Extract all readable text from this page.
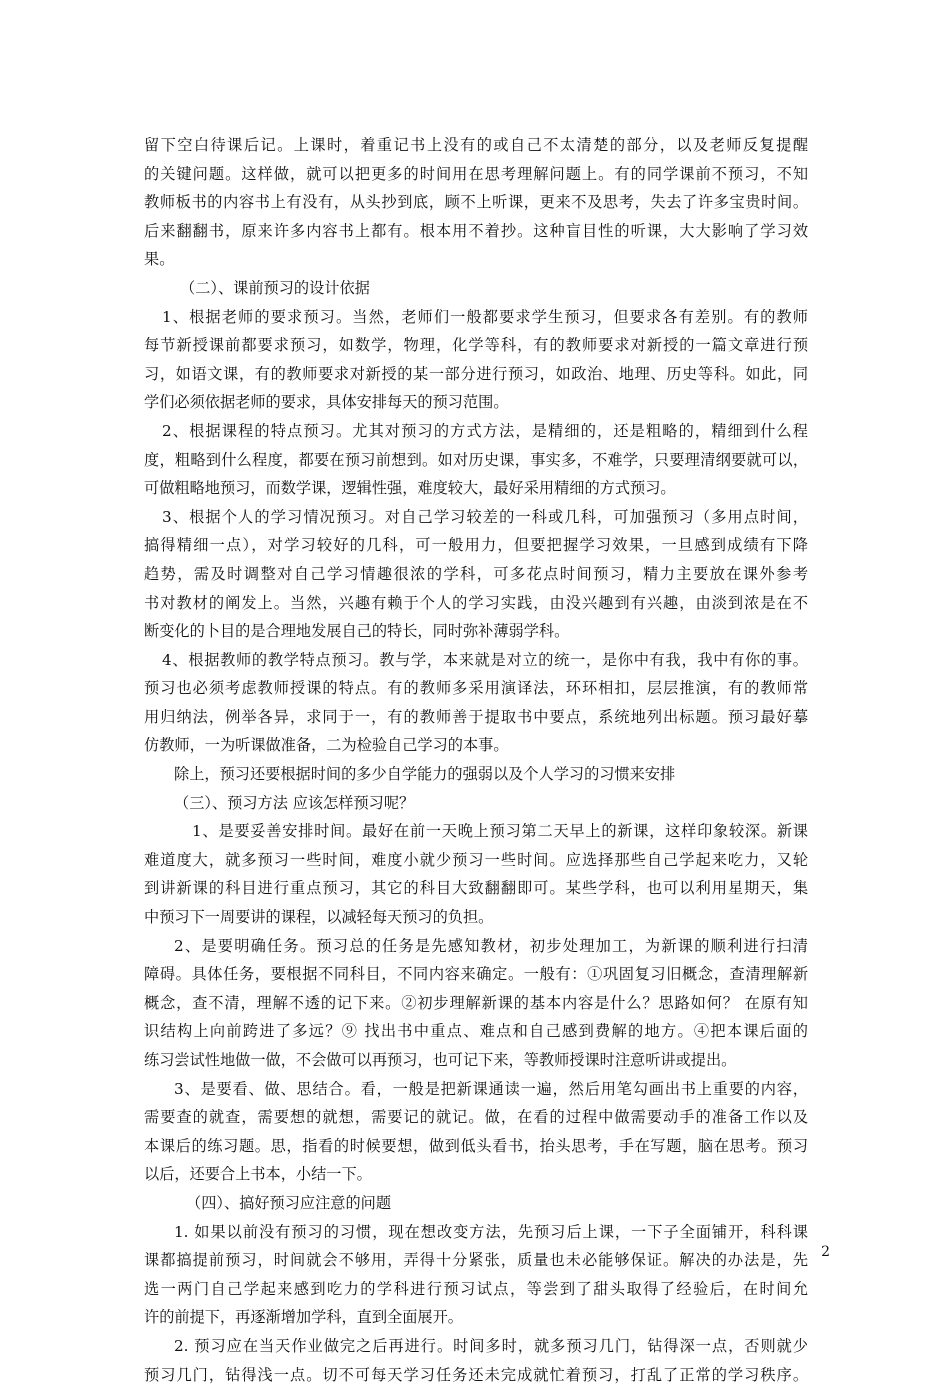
留下空白待课后记。上课时，着重记书上没有的或自己不太清楚的部分，以及老师反复提醒
的关键问题。这样做，就可以把更多的时间用在思考理解问题上。有的同学课前不预习，不知
教师板书的内容书上有没有，从头抄到底，顾不上听课，更来不及思考，失去了许多宝贵时间。
后来翻翻书，原来许多内容书上都有。根本用不着抄。这种盲目性的听课，大大影响了学习效
果。
（二）、课前预习的设计依据
1、根据老师的要求预习。当然，老师们一般都要求学生预习，但要求各有差别。有的教师
每节新授课前都要求预习，如数学，物理，化学等科，有的教师要求对新授的一篇文章进行预
习，如语文课，有的教师要求对新授的某一部分进行预习，如政治、地理、历史等科。如此，同
学们必须依据老师的要求，具体安排每天的预习范围。
2、根据课程的特点预习。尤其对预习的方式方法，是精细的，还是粗略的，精细到什么程
度，粗略到什么程度，都要在预习前想到。如对历史课，事实多，不难学，只要理清纲要就可以，
可做粗略地预习，而数学课，逻辑性强，难度较大，最好采用精细的方式预习。
3、根据个人的学习情况预习。对自己学习较差的一科或几科，可加强预习（多用点时间，
搞得精细一点），对学习较好的几科，可一般用力，但要把握学习效果，一旦感到成绩有下降
趋势，需及时调整对自己学习情趣很浓的学科，可多花点时间预习，精力主要放在课外参考
书对教材的阐发上。当然，兴趣有赖于个人的学习实践，由没兴趣到有兴趣，由淡到浓是在不
断变化的卜目的是合理地发展自己的特长，同时弥补薄弱学科。
4、根据教师的教学特点预习。教与学，本来就是对立的统一，是你中有我，我中有你的事。
预习也必须考虑教师授课的特点。有的教师多采用演译法，环环相扣，层层推演，有的教师常
用归纳法，例举各异，求同于一，有的教师善于提取书中要点，系统地列出标题。预习最好摹
仿教师，一为听课做准备，二为检验自己学习的本事。
除上，预习还要根据时间的多少自学能力的强弱以及个人学习的习惯来安排
（三）、预习方法 应该怎样预习呢？
1、是要妥善安排时间。最好在前一天晚上预习第二天早上的新课，这样印象较深。新课
难道度大，就多预习一些时间，难度小就少预习一些时间。应选择那些自己学起来吃力，又轮
到讲新课的科目进行重点预习，其它的科目大致翻翻即可。某些学科，也可以利用星期天，集
中预习下一周要讲的课程，以减轻每天预习的负担。
2、是要明确任务。预习总的任务是先感知教材，初步处理加工，为新课的顺利进行扫清
障碍。具体任务，要根据不同科目，不同内容来确定。一般有：①巩固复习旧概念，查清理解新
概念，查不清，理解不透的记下来。②初步理解新课的基本内容是什么？思路如何？ 在原有知
识结构上向前跨进了多远？⑨ 找出书中重点、难点和自己感到费解的地方。④把本课后面的
练习尝试性地做一做，不会做可以再预习，也可记下来，等教师授课时注意听讲或提出。
3、是要看、做、思结合。看，一般是把新课通读一遍，然后用笔勾画出书上重要的内容，
需要查的就查，需要想的就想，需要记的就记。做，在看的过程中做需要动手的准备工作以及
本课后的练习题。思，指看的时候要想，做到低头看书，抬头思考，手在写题，脑在思考。预习
以后，还要合上书本，小结一下。
（四）、搞好预习应注意的问题
1. 如果以前没有预习的习惯，现在想改变方法，先预习后上课，一下子全面铺开，科科课
课都搞提前预习，时间就会不够用，弄得十分紧张，质量也未必能够保证。解决的办法是，先
选一两门自己学起来感到吃力的学科进行预习试点，等尝到了甜头取得了经验后，在时间允
许的前提下，再逐渐增加学科，直到全面展开。
2. 预习应在当天作业做完之后再进行。时间多时，就多预习几门，钻得深一点，否则就少
预习几门，钻得浅一点。切不可每天学习任务还未完成就忙着预习，打乱了正常的学习秩序。
2
